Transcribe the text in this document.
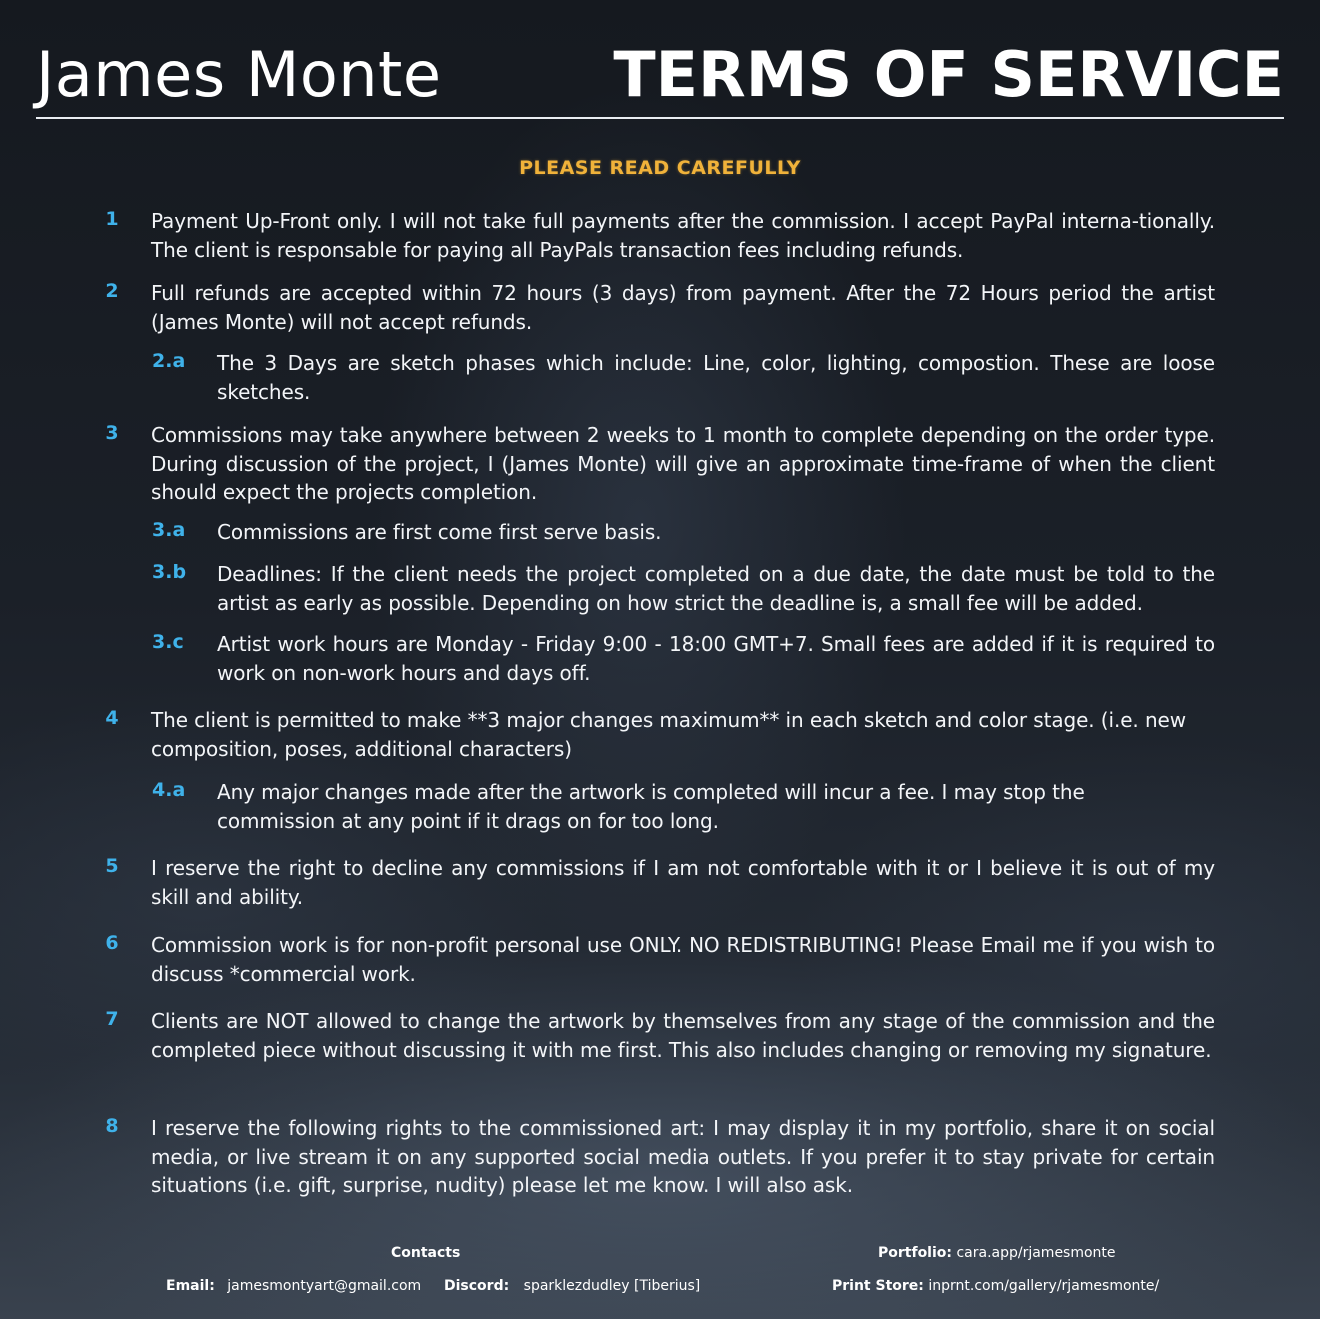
James Monte	TERMS OF SERVICE
PLEASE READ CAREFULLY
1 Payment Up-Front only. I will not take full payments after the commission. I accept PayPal interna-tionally. The client is responsable for paying all PayPals transaction fees including refunds.
2 Full refunds are accepted within 72 hours (3 days) from payment. After the 72 Hours period the artist (James Monte) will not accept refunds.
2.a The 3 Days are sketch phases which include: Line, color, lighting, compostion. These are loose sketches.
3 Commissions may take anywhere between 2 weeks to 1 month to complete depending on the order type. During discussion of the project, I (James Monte) will give an approximate time-frame of when the client should expect the projects completion.
3.a Commissions are first come first serve basis.
3.b Deadlines: If the client needs the project completed on a due date, the date must be told to the artist as early as possible. Depending on how strict the deadline is, a small fee will be added.
3.c Artist work hours are Monday - Friday 9:00 - 18:00 GMT+7. Small fees are added if it is required to work on non-work hours and days off.
4 The client is permitted to make **3 major changes maximum** in each sketch and color stage. (i.e. new composition, poses, additional characters)
4.a Any major changes made after the artwork is completed will incur a fee. I may stop the commission at any point if it drags on for too long.
5 I reserve the right to decline any commissions if I am not comfortable with it or I believe it is out of my skill and ability.
6 Commission work is for non-profit personal use ONLY. NO REDISTRIBUTING! Please Email me if you wish to discuss *commercial work.
7 Clients are NOT allowed to change the artwork by themselves from any stage of the commission and the completed piece without discussing it with me first. This also includes changing or removing my signature.
8 I reserve the following rights to the commissioned art: I may display it in my portfolio, share it on social media, or live stream it on any supported social media outlets. If you prefer it to stay private for certain situations (i.e. gift, surprise, nudity) please let me know. I will also ask.
Contacts
Email: jamesmontyart@gmail.com Discord: sparklezdudley [Tiberius]
Portfolio: cara.app/rjamesmonte
Print Store: inprnt.com/gallery/rjamesmonte/
